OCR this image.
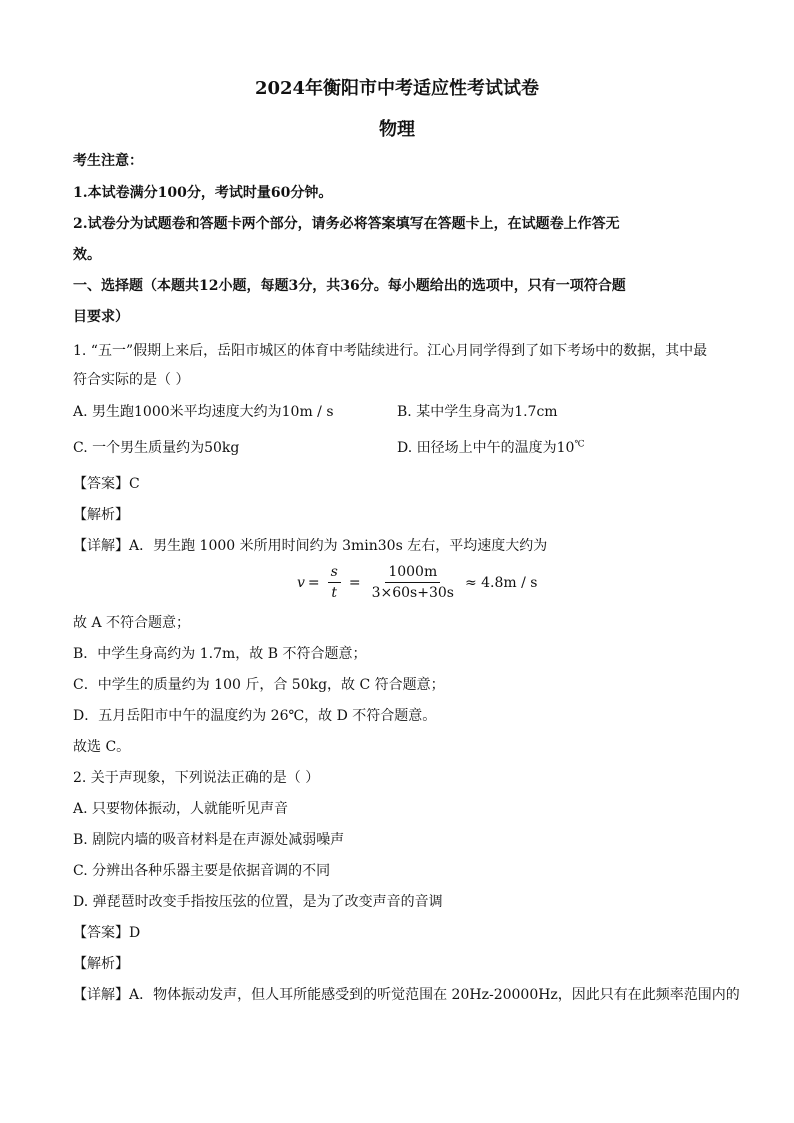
2024年衡阳市中考适应性考试试卷
物理
考生注意：
1.本试卷满分100分，考试时量60分钟。
2.试卷分为试题卷和答题卡两个部分，请务必将答案填写在答题卡上，在试题卷上作答无
效。
一、选择题（本题共12小题，每题3分，共36分。每小题给出的选项中，只有一项符合题
目要求）
1. “五一”假期上来后，岳阳市城区的体育中考陆续进行。江心月同学得到了如下考场中的数据，其中最
符合实际的是（ ）
A. 男生跑1000米平均速度大约为10m / s	B. 某中学生身高为1.7cm
C. 一个男生质量约为50kg	D. 田径场上中午的温度为10℃
【答案】C
【解析】
【详解】A．男生跑 1000 米所用时间约为 3min30s 左右，平均速度大约为
$v = \frac{s}{t} = \frac{1000m}{3\times 60s+30s} \approx 4.8m / s$
故 A 不符合题意；
B．中学生身高约为 1.7m，故 B 不符合题意；
C．中学生的质量约为 100 斤，合 50kg，故 C 符合题意；
D．五月岳阳市中午的温度约为 26℃，故 D 不符合题意。
故选 C。
2. 关于声现象，下列说法正确的是（ ）
A. 只要物体振动，人就能听见声音
B. 剧院内墙的吸音材料是在声源处减弱噪声
C. 分辨出各种乐器主要是依据音调的不同
D. 弹琵琶时改变手指按压弦的位置，是为了改变声音的音调
【答案】D
【解析】
【详解】A．物体振动发声，但人耳所能感受到的听觉范围在 20Hz-20000Hz，因此只有在此频率范围内的
